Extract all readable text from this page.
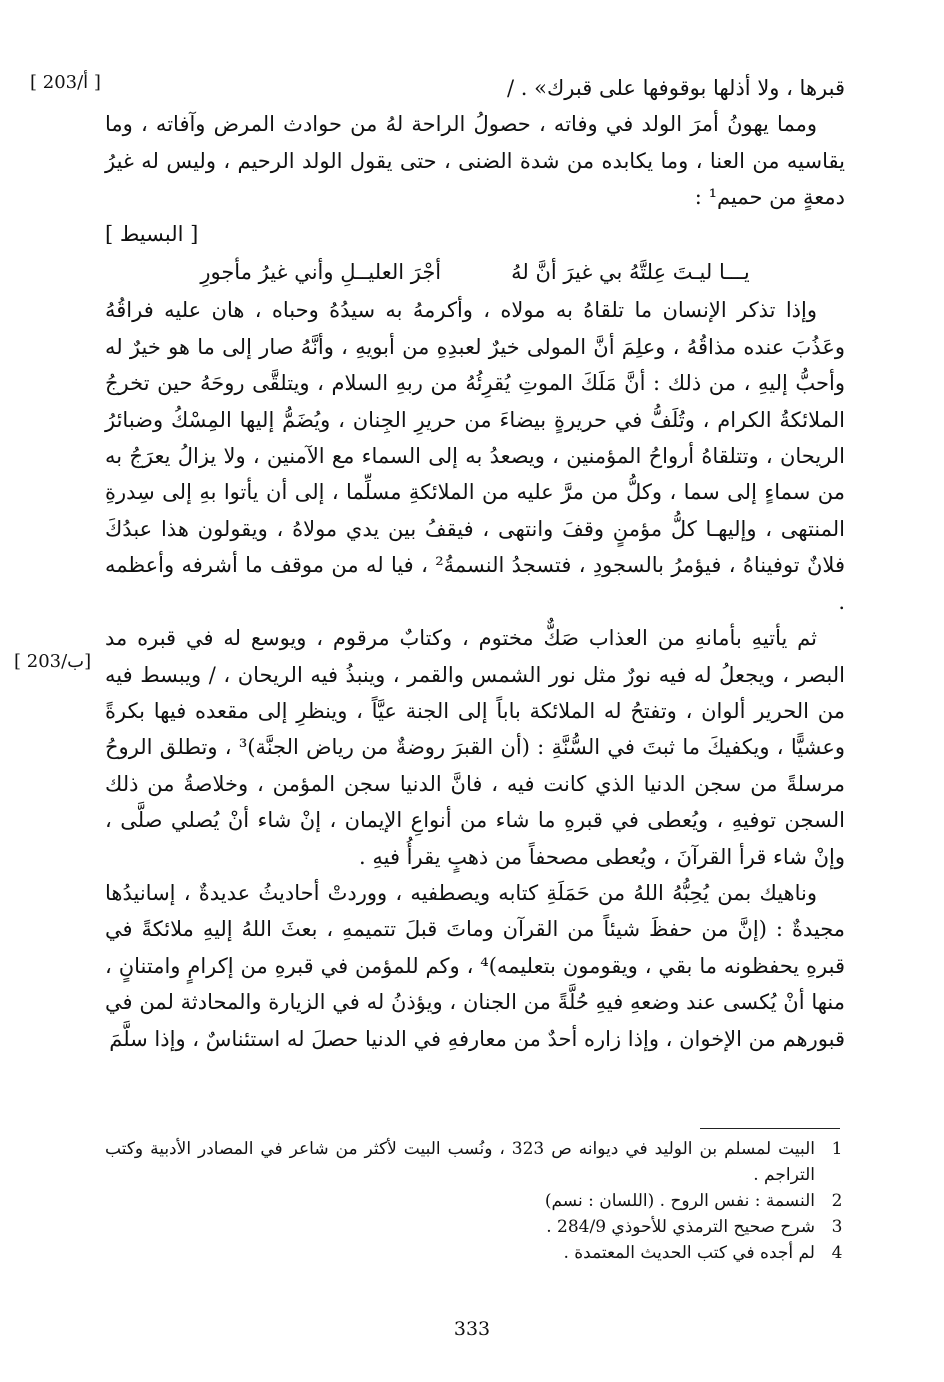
[ 203/أ ]
[ 203/ب]

قبرها ، ولا أذلها بوقوفها على قبرك» . /

ومما يهونُ أمرَ الولد في وفاته ، حصولُ الراحة لهُ من حوادث المرض وآفاته ، وما يقاسيه من العنا ، وما يكابده من شدة الضنى ، حتى يقول الولد الرحيم ، وليس له غيرُ دمعةٍ من حميم¹ :

[ البسيط ]
يـــا ليـتَ عِلتَّهُ بي غيرَ أنَّ لهُ
أجْرَ العليــلِ وأني غيرُ مأجورِ

وإذا تذكر الإنسان ما تلقاهُ به مولاه ، وأكرمهُ به سيدُهُ وحباه ، هان عليه فراقُهُ وعَذُبَ عنده مذاقُهُ ، وعلِمَ أنَّ المولى خيرٌ لعبدِهِ من أبويهِ ، وأنَّهُ صار إلى ما هو خيرٌ له وأحبُّ إليهِ ، من ذلك : أنَّ مَلَكَ الموتِ يُقرِئُهُ من ربهِ السلام ، ويتلقَّى روحَهُ حين تخرجُ الملائكةُ الكرام ، وتُلَفُّ في حريرةٍ بيضاءَ من حريرِ الجِنان ، ويُضَمُّ إليها المِسْكُ وضبائرُ الريحان ، وتتلقاهُ أرواحُ المؤمنين ، ويصعدُ به إلى السماء مع الآمنين ، ولا يزالُ يعرَجُ به من سماءٍ إلى سما ، وكلُّ من مرَّ عليه من الملائكةِ مسلِّما ، إلى أن يأتوا بهِ إلى سِدرةِ المنتهى ، وإليهـا كلُّ مؤمنٍ وقفَ وانتهى ، فيقفُ بين يدي مولاهُ ، ويقولون هذا عبدُكَ فلانٌ توفيناهُ ، فيؤمرُ بالسجودِ ، فتسجدُ النسمةُ² ، فيا له من موقف ما أشرفه وأعظمه .

ثم يأتيهِ بأمانهِ من العذاب صَكٌّ مختوم ، وكتابٌ مرقوم ، ويوسع له في قبره مد البصر ، ويجعلُ له فيه نورٌ مثل نور الشمس والقمر ، وينبذُ فيه الريحان ، / ويبسط فيه من الحرير ألوان ، وتفتحُ له الملائكة باباً إلى الجنة عيَّاً ، وينظرِ إلى مقعده فيها بكرةً وعشيًّا ، ويكفيكَ ما ثبتَ في السُّنَّةِ : (أن القبرَ روضةٌ من رياض الجنَّة)³ ، وتطلق الروحُ مرسلةً من سجن الدنيا الذي كانت فيه ، فانَّ الدنيا سجن المؤمن ، وخلاصةُ من ذلك السجن توفيهِ ، ويُعطى في قبرهِ ما شاء من أنواعِ الإيمان ، إنْ شاء أنْ يُصلي صلَّى ، وإنْ شاء قرأ القرآنَ ، ويُعطى مصحفاً من ذهبٍ يقرأُ فيهِ .

وناهيك بمن يُحِبُّهُ اللهُ من حَمَلَةِ كتابه ويصطفيه ، ووردتْ أحاديثُ عديدةٌ ، إسانيدُها مجيدةٌ : (إنَّ من حفظَ شيئاً من القرآن وماتَ قبلَ تتميمهِ ، بعثَ اللهُ إليهِ ملائكةً في قبرهِ يحفظونه ما بقي ، ويقومون بتعليمه)⁴ ، وكم للمؤمن في قبرهِ من إكرامٍ وامتنانٍ ، منها أنْ يُكسى عند وضعهِ فيهِ حُلَّةً من الجنان ، ويؤذنُ له في الزيارة والمحادثة لمن في قبورهم من الإخوان ، وإذا زاره أحدٌ من معارفهِ في الدنيا حصلَ له استئناسٌ ، وإذا سلَّمَ

1
البيت لمسلم بن الوليد في ديوانه ص 323 ، ونُسب البيت لأكثر من شاعر في المصادر الأدبية وكتب التراجم .
2
النسمة : نفس الروح . (اللسان : نسم)
3
شرح صحيح الترمذي للأحوذي 284/9 .
4
لم أجده في كتب الحديث المعتمدة .
333
